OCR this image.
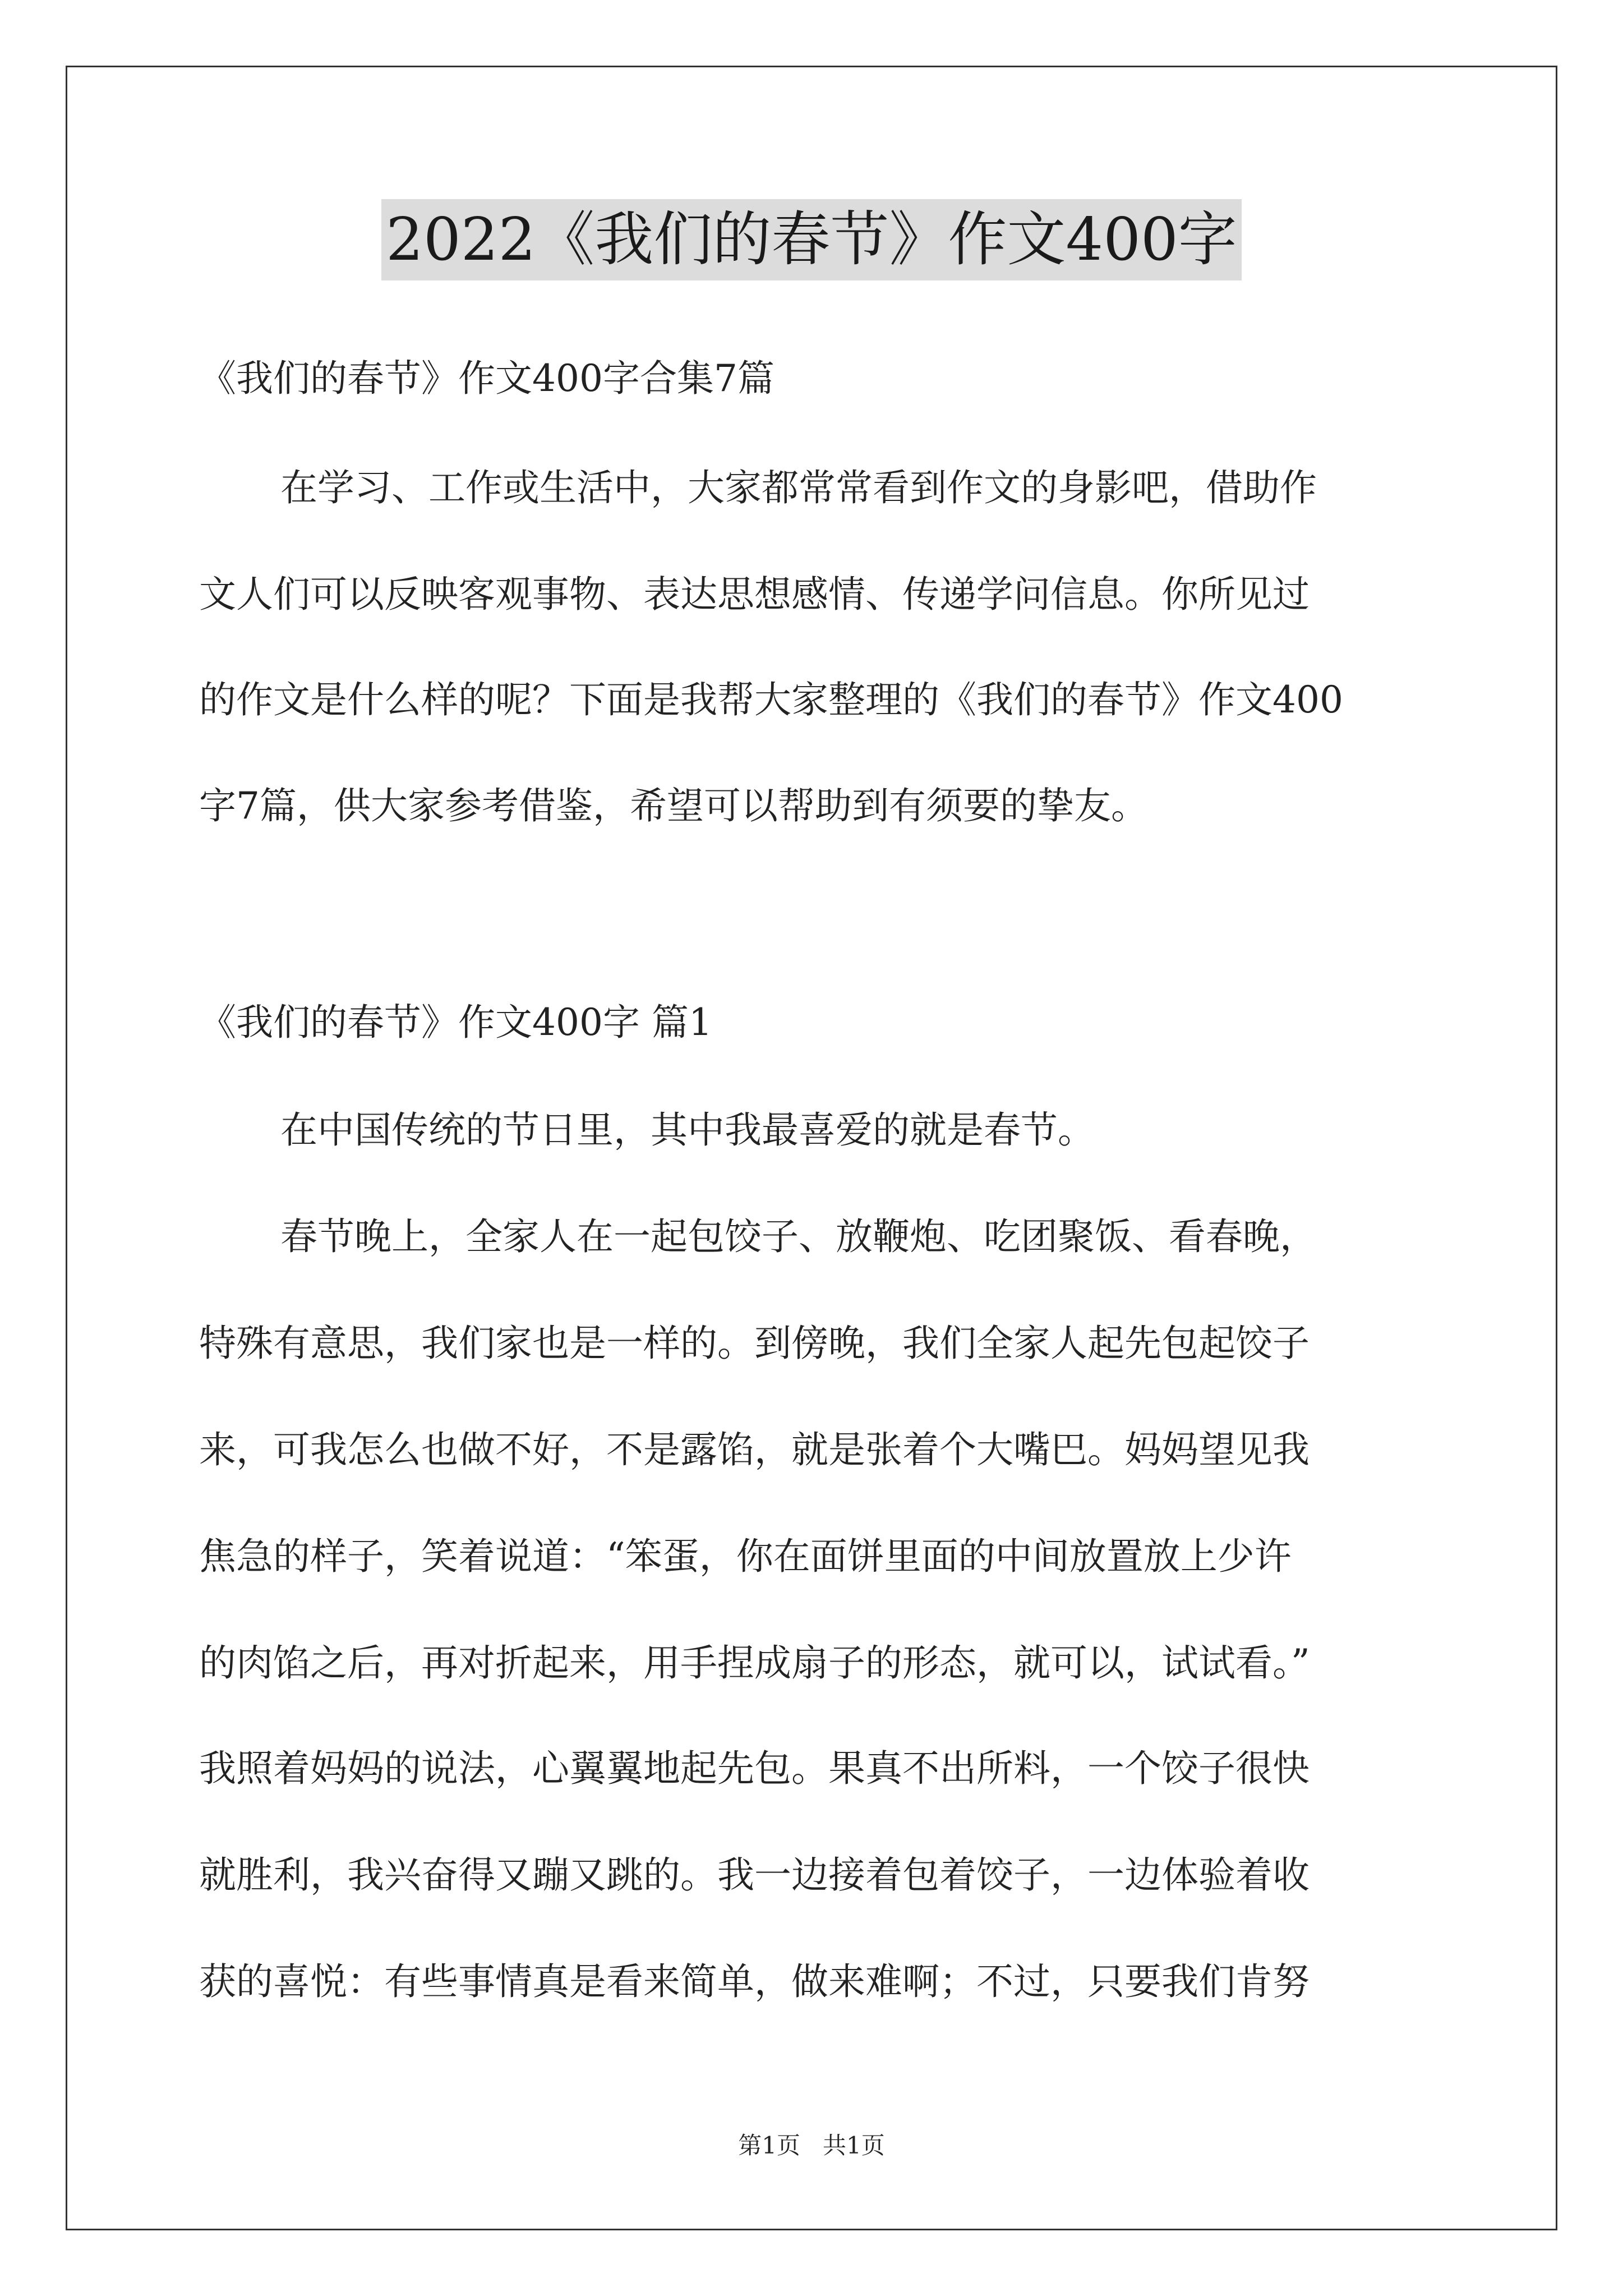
2022《我们的春节》作文400字
《我们的春节》作文400字合集7篇
在学习、工作或生活中，大家都常常看到作文的身影吧，借助作
文人们可以反映客观事物、表达思想感情、传递学问信息。你所见过
的作文是什么样的呢？下面是我帮大家整理的《我们的春节》作文400
字7篇，供大家参考借鉴，希望可以帮助到有须要的挚友。
《我们的春节》作文400字 篇1
在中国传统的节日里，其中我最喜爱的就是春节。
春节晚上，全家人在一起包饺子、放鞭炮、吃团聚饭、看春晚，
特殊有意思，我们家也是一样的。到傍晚，我们全家人起先包起饺子
来，可我怎么也做不好，不是露馅，就是张着个大嘴巴。妈妈望见我
焦急的样子，笑着说道：“笨蛋，你在面饼里面的中间放置放上少许
的肉馅之后，再对折起来，用手捏成扇子的形态，就可以，试试看。”
我照着妈妈的说法，心翼翼地起先包。果真不出所料，一个饺子很快
就胜利，我兴奋得又蹦又跳的。我一边接着包着饺子，一边体验着收
获的喜悦：有些事情真是看来简单，做来难啊；不过，只要我们肯努
第1页   共1页
